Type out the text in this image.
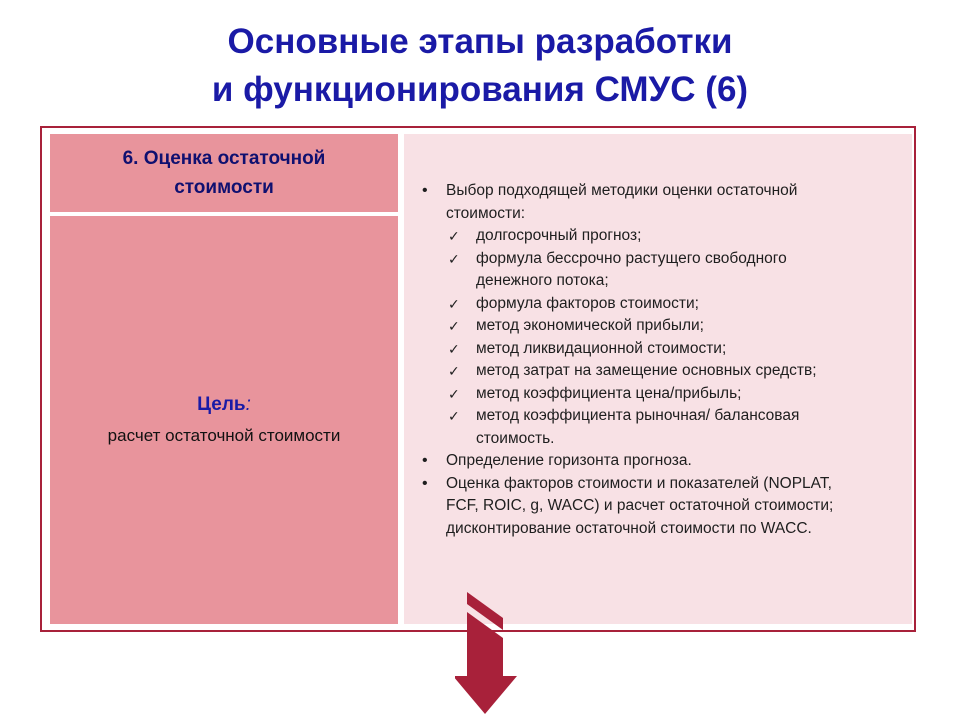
Основные этапы разработки
и функционирования СМУС (6)
6. Оценка остаточной стоимости
Цель:
расчет остаточной стоимости
• Выбор подходящей методики оценки остаточной стоимости:
✓ долгосрочный прогноз;
✓ формула бессрочно растущего свободного денежного потока;
✓ формула факторов стоимости;
✓ метод экономической прибыли;
✓ метод ликвидационной стоимости;
✓ метод затрат на замещение основных средств;
✓ метод коэффициента цена/прибыль;
✓ метод коэффициента рыночная/ балансовая стоимость.
• Определение горизонта прогноза.
• Оценка факторов стоимости и показателей (NOPLAT, FCF, ROIC, g, WACC) и расчет остаточной стоимости; дисконтирование остаточной стоимости по WACC.
